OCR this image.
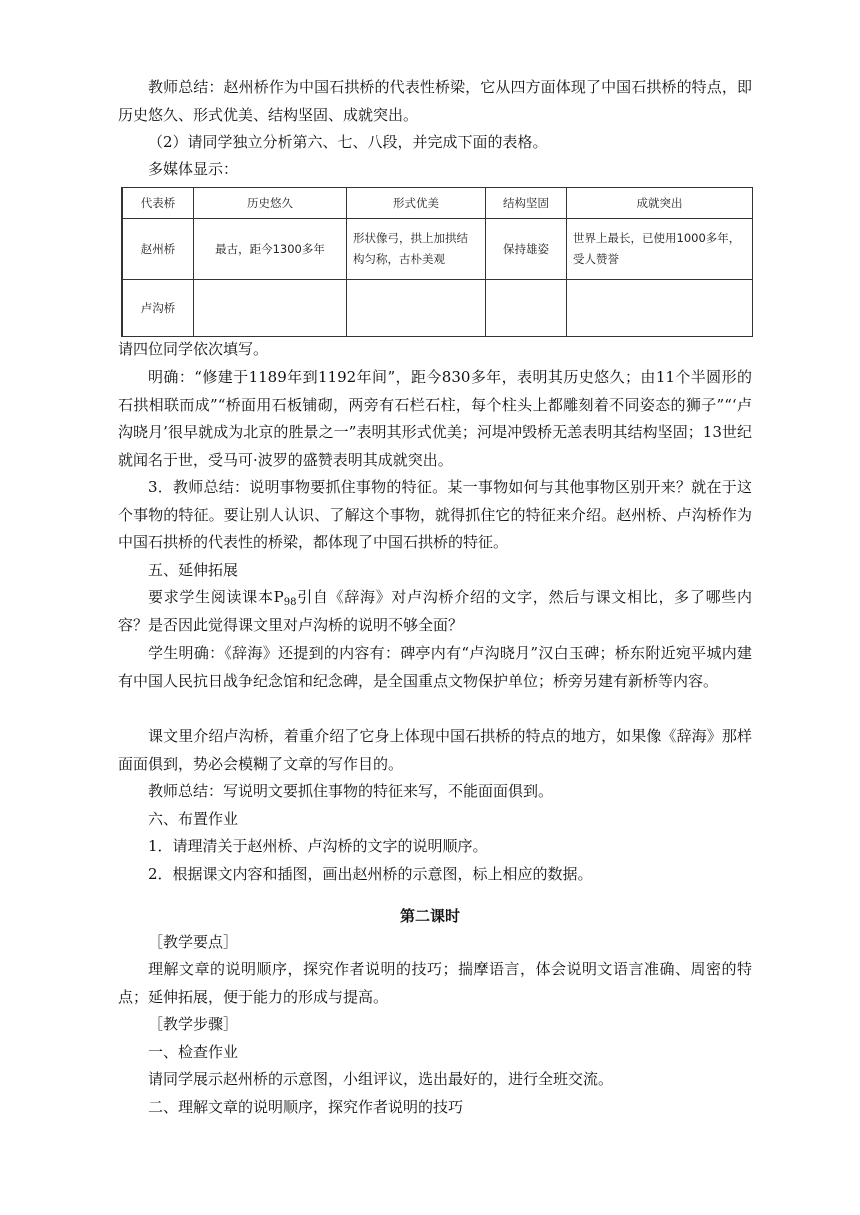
教师总结：赵州桥作为中国石拱桥的代表性桥梁，它从四方面体现了中国石拱桥的特点，即历史悠久、形式优美、结构坚固、成就突出。

（2）请同学独立分析第六、七、八段，并完成下面的表格。

多媒体显示：

代表桥	历史悠久	形式优美	结构坚固	成就突出
赵州桥	最古，距今1300多年	形状像弓，拱上加拱结构匀称，古朴美观	保持雄姿	世界上最长，已使用1000多年，受人赞誉
卢沟桥				

请四位同学依次填写。

明确：“修建于1189年到1192年间”，距今830多年，表明其历史悠久；由11个半圆形的石拱相联而成”“桥面用石板铺砌，两旁有石栏石柱，每个柱头上都雕刻着不同姿态的狮子”“‘卢沟晓月’很早就成为北京的胜景之一”表明其形式优美；河堤冲毁桥无恙表明其结构坚固；13世纪就闻名于世，受马可·波罗的盛赞表明其成就突出。

3．教师总结：说明事物要抓住事物的特征。某一事物如何与其他事物区别开来？就在于这个事物的特征。要让别人认识、了解这个事物，就得抓住它的特征来介绍。赵州桥、卢沟桥作为中国石拱桥的代表性的桥梁，都体现了中国石拱桥的特征。

五、延伸拓展

要求学生阅读课本$P_{98}$引自《辞海》对卢沟桥介绍的文字，然后与课文相比，多了哪些内容？是否因此觉得课文里对卢沟桥的说明不够全面？

学生明确：《辞海》还提到的内容有：碑亭内有“卢沟晓月”汉白玉碑；桥东附近宛平城内建有中国人民抗日战争纪念馆和纪念碑，是全国重点文物保护单位；桥旁另建有新桥等内容。

课文里介绍卢沟桥，着重介绍了它身上体现中国石拱桥的特点的地方，如果像《辞海》那样面面俱到，势必会模糊了文章的写作目的。

教师总结：写说明文要抓住事物的特征来写，不能面面俱到。

六、布置作业

1．请理清关于赵州桥、卢沟桥的文字的说明顺序。

2．根据课文内容和插图，画出赵州桥的示意图，标上相应的数据。

第二课时

［教学要点］

理解文章的说明顺序，探究作者说明的技巧；揣摩语言，体会说明文语言准确、周密的特点；延伸拓展，便于能力的形成与提高。

［教学步骤］

一、检查作业

请同学展示赵州桥的示意图，小组评议，选出最好的，进行全班交流。

二、理解文章的说明顺序，探究作者说明的技巧
